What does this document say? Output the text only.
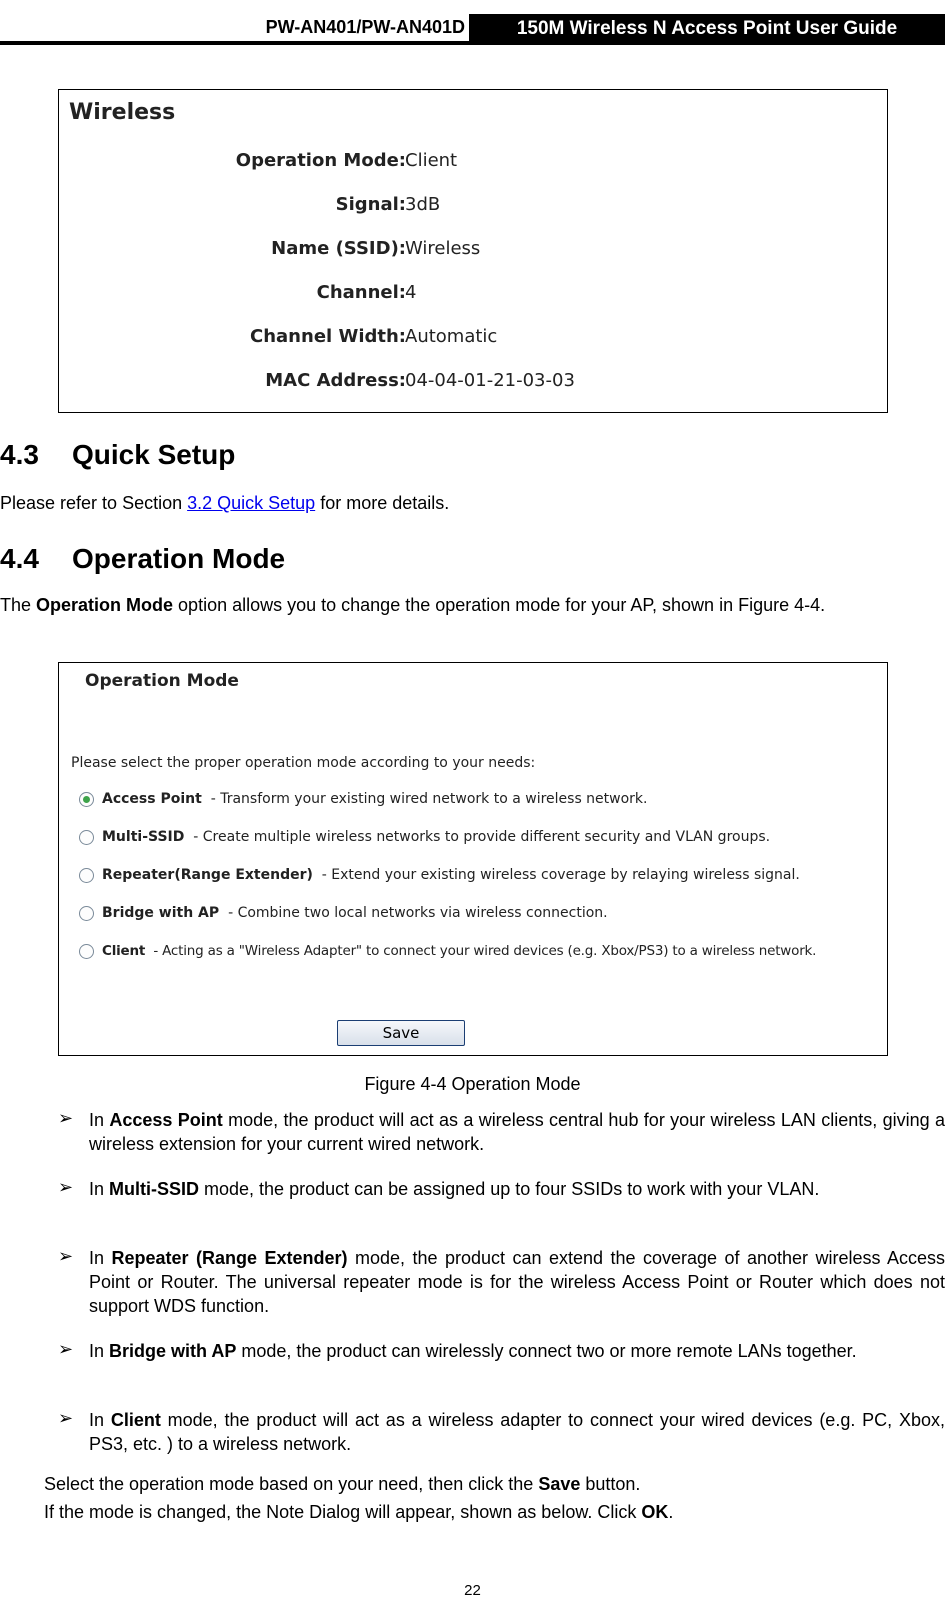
PW-AN401/PW-AN401D	150M Wireless N Access Point User Guide
Wireless
Operation Mode: Client
Signal: 3dB
Name (SSID): Wireless
Channel: 4
Channel Width: Automatic
MAC Address: 04-04-01-21-03-03
4.3 Quick Setup
Please refer to Section 3.2 Quick Setup for more details.
4.4 Operation Mode
The Operation Mode option allows you to change the operation mode for your AP, shown in Figure 4-4.
Operation Mode
Please select the proper operation mode according to your needs:
Access Point - Transform your existing wired network to a wireless network.
Multi-SSID - Create multiple wireless networks to provide different security and VLAN groups.
Repeater(Range Extender) - Extend your existing wireless coverage by relaying wireless signal.
Bridge with AP - Combine two local networks via wireless connection.
Client - Acting as a "Wireless Adapter" to connect your wired devices (e.g. Xbox/PS3) to a wireless network.
Save
Figure 4-4 Operation Mode
➢ In Access Point mode, the product will act as a wireless central hub for your wireless LAN clients, giving a wireless extension for your current wired network.
➢ In Multi-SSID mode, the product can be assigned up to four SSIDs to work with your VLAN.
➢ In Repeater (Range Extender) mode, the product can extend the coverage of another wireless Access Point or Router. The universal repeater mode is for the wireless Access Point or Router which does not support WDS function.
➢ In Bridge with AP mode, the product can wirelessly connect two or more remote LANs together.
➢ In Client mode, the product will act as a wireless adapter to connect your wired devices (e.g. PC, Xbox, PS3, etc. ) to a wireless network.
Select the operation mode based on your need, then click the Save button.
If the mode is changed, the Note Dialog will appear, shown as below. Click OK.
22
